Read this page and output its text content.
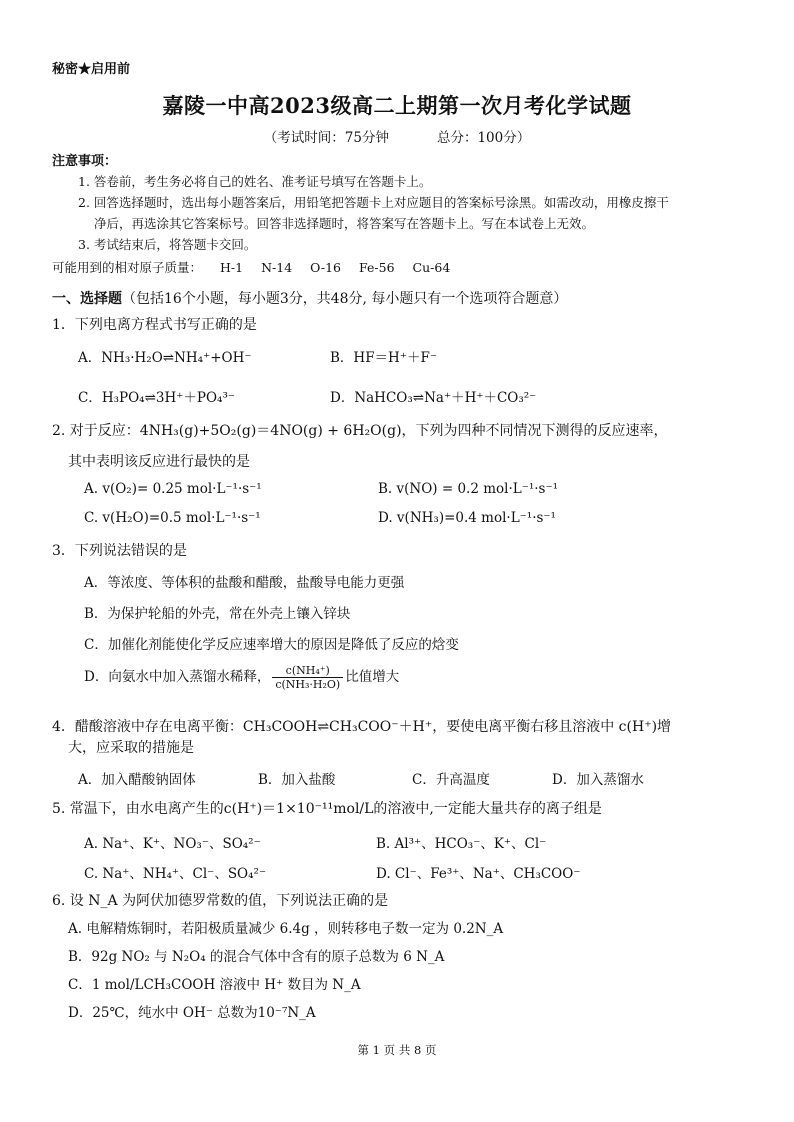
秘密★启用前
嘉陵一中高2023级高二上期第一次月考化学试题
（考试时间：75分钟	总分：100分）
注意事项：
1. 答卷前，考生务必将自己的姓名、准考证号填写在答题卡上。
2. 回答选择题时，选出每小题答案后，用铅笔把答题卡上对应题目的答案标号涂黑。如需改动，用橡皮擦干
净后，再选涂其它答案标号。回答非选择题时，将答案写在答题卡上。写在本试卷上无效。
3. 考试结束后，将答题卡交回。
可能用到的相对原子质量： H-1 N-14 O-16 Fe-56 Cu-64
一、选择题（包括16个小题，每小题3分，共48分, 每小题只有一个选项符合题意）
1．下列电离方程式书写正确的是
A．NH₃·H₂O⇌NH₄⁺+OH⁻	B．HF＝H⁺＋F⁻
C．H₃PO₄⇌3H⁺＋PO₄³⁻	D．NaHCO₃⇌Na⁺＋H⁺＋CO₃²⁻
2. 对于反应：4NH₃(g)+5O₂(g)＝4NO(g) + 6H₂O(g)，下列为四种不同情况下测得的反应速率，
其中表明该反应进行最快的是
A. v(O₂)= 0.25 mol·L⁻¹·s⁻¹	B. v(NO) = 0.2 mol·L⁻¹·s⁻¹
C. v(H₂O)=0.5 mol·L⁻¹·s⁻¹	D. v(NH₃)=0.4 mol·L⁻¹·s⁻¹
3．下列说法错误的是
A．等浓度、等体积的盐酸和醋酸，盐酸导电能力更强
B．为保护轮船的外壳，常在外壳上镶入锌块
C．加催化剂能使化学反应速率增大的原因是降低了反应的焓变
D．向氨水中加入蒸馏水稀释， $\frac{\text{c(NH₄⁺)}}{\text{c(NH₃·H₂O)}}$ 比值增大
4．醋酸溶液中存在电离平衡：CH₃COOH⇌CH₃COO⁻＋H⁺，要使电离平衡右移且溶液中 c(H⁺)增
大，应采取的措施是
A．加入醋酸钠固体	B．加入盐酸	C．升高温度	D．加入蒸馏水
5. 常温下，由水电离产生的c(H⁺)＝1×10⁻¹¹mol/L的溶液中,一定能大量共存的离子组是
A. Na⁺、K⁺、NO₃⁻、SO₄²⁻	B. Al³⁺、HCO₃⁻、K⁺、Cl⁻
C. Na⁺、NH₄⁺、Cl⁻、SO₄²⁻	D. Cl⁻、Fe³⁺、Na⁺、CH₃COO⁻
6. 设 N_A 为阿伏加德罗常数的值，下列说法正确的是
A. 电解精炼铜时，若阳极质量减少 6.4g ，则转移电子数一定为 0.2N_A
B．92g NO₂ 与 N₂O₄ 的混合气体中含有的原子总数为 6 N_A
C．1 mol/LCH₃COOH 溶液中 H⁺ 数目为 N_A
D．25℃，纯水中 OH⁻ 总数为10⁻⁷N_A
第 1 页 共 8 页
